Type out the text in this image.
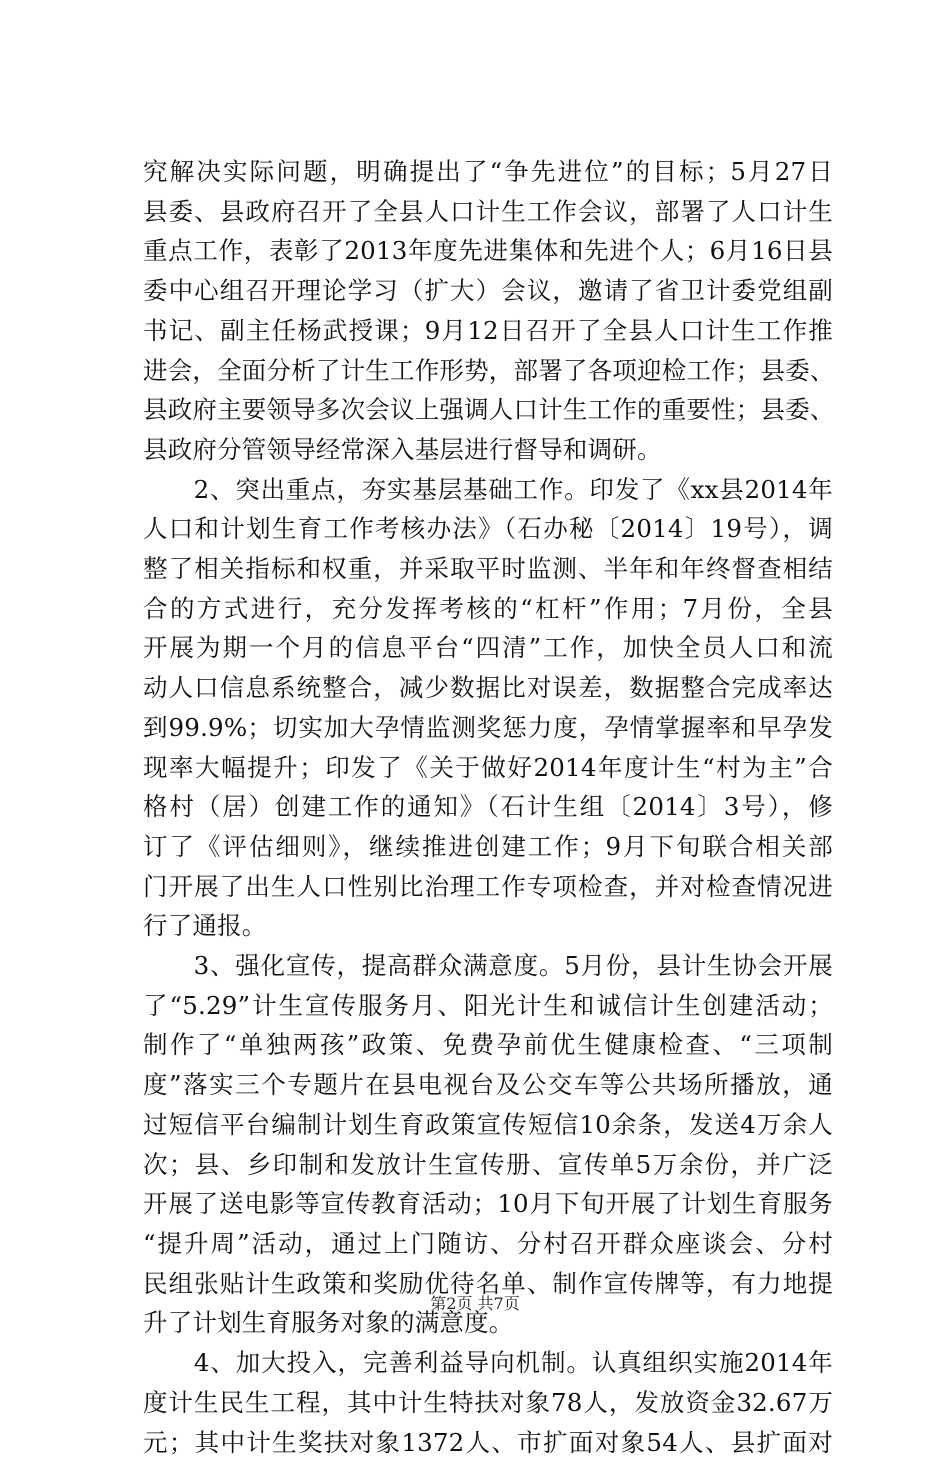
究解决实际问题，明确提出了“争先进位”的目标；5月27日
县委、县政府召开了全县人口计生工作会议，部署了人口计生
重点工作，表彰了2013年度先进集体和先进个人；6月16日县
委中心组召开理论学习（扩大）会议，邀请了省卫计委党组副
书记、副主任杨武授课；9月12日召开了全县人口计生工作推
进会，全面分析了计生工作形势，部署了各项迎检工作；县委、
县政府主要领导多次会议上强调人口计生工作的重要性；县委、
县政府分管领导经常深入基层进行督导和调研。

　　2、突出重点，夯实基层基础工作。印发了《xx县2014年
人口和计划生育工作考核办法》（石办秘〔2014〕19号），调
整了相关指标和权重，并采取平时监测、半年和年终督查相结
合的方式进行，充分发挥考核的“杠杆”作用；7月份，全县
开展为期一个月的信息平台“四清”工作，加快全员人口和流
动人口信息系统整合，减少数据比对误差，数据整合完成率达
到99.9%；切实加大孕情监测奖惩力度，孕情掌握率和早孕发
现率大幅提升；印发了《关于做好2014年度计生“村为主”合
格村（居）创建工作的通知》（石计生组〔2014〕3号），修
订了《评估细则》，继续推进创建工作；9月下旬联合相关部
门开展了出生人口性别比治理工作专项检查，并对检查情况进
行了通报。

　　3、强化宣传，提高群众满意度。5月份，县计生协会开展
了“5.29”计生宣传服务月、阳光计生和诚信计生创建活动；
制作了“单独两孩”政策、免费孕前优生健康检查、“三项制
度”落实三个专题片在县电视台及公交车等公共场所播放，通
过短信平台编制计划生育政策宣传短信10余条，发送4万余人
次；县、乡印制和发放计生宣传册、宣传单5万余份，并广泛
开展了送电影等宣传教育活动；10月下旬开展了计划生育服务
“提升周”活动，通过上门随访、分村召开群众座谈会、分村
民组张贴计生政策和奖励优待名单、制作宣传牌等，有力地提
升了计划生育服务对象的满意度。

　　4、加大投入，完善利益导向机制。认真组织实施2014年
度计生民生工程，其中计生特扶对象78人，发放资金32.67万
元；其中计生奖扶对象1372人、市扩面对象54人、县扩面对

第2页 共7页
